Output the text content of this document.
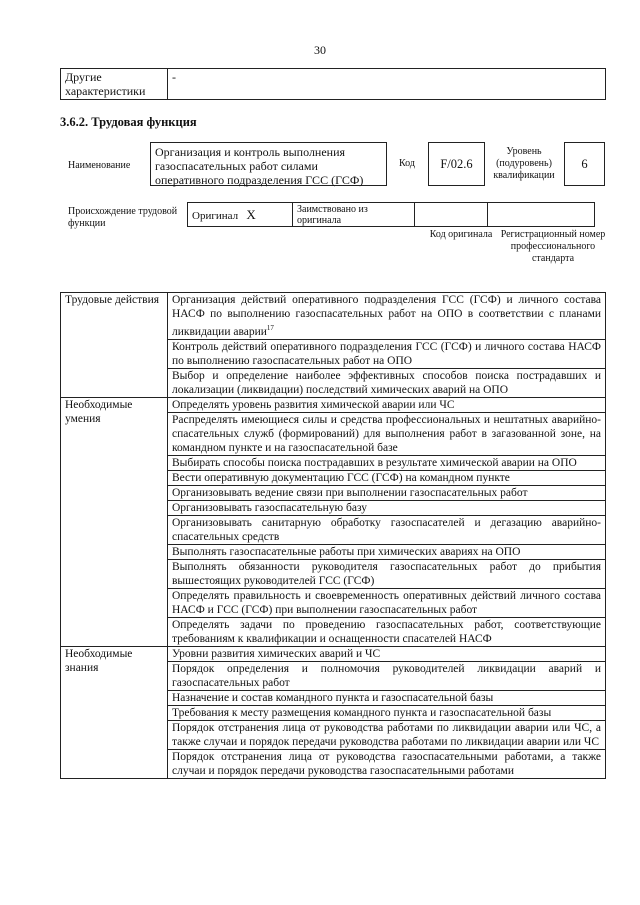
30
Другие характеристики	-
3.6.2. Трудовая функция
Наименование
Организация и контроль выполнения газоспасательных работ силами оперативного подразделения ГСС (ГСФ)
Код	F/02.6
Уровень (подуровень) квалификации
6
Происхождение трудовой функции
Оригинал X	Заимствовано из оригинала		
Код оригинала Регистрационный номер профессионального стандарта
Трудовые действия	Организация действий оперативного подразделения ГСС (ГСФ) и личного состава НАСФ по выполнению газоспасательных работ на ОПО в соответствии с планами ликвидации аварии$^{17}$
	Контроль действий оперативного подразделения ГСС (ГСФ) и личного состава НАСФ по выполнению газоспасательных работ на ОПО
	Выбор и определение наиболее эффективных способов поиска пострадавших и локализации (ликвидации) последствий химических аварий на ОПО
Необходимые умения	Определять уровень развития химической аварии или ЧС
	Распределять имеющиеся силы и средства профессиональных и нештатных аварийно-спасательных служб (формирований) для выполнения работ в загазованной зоне, на командном пункте и на газоспасательной базе
	Выбирать способы поиска пострадавших в результате химической аварии на ОПО
	Вести оперативную документацию ГСС (ГСФ) на командном пункте
	Организовывать ведение связи при выполнении газоспасательных работ
	Организовывать газоспасательную базу
	Организовывать санитарную обработку газоспасателей и дегазацию аварийно-спасательных средств
	Выполнять газоспасательные работы при химических авариях на ОПО
	Выполнять обязанности руководителя газоспасательных работ до прибытия вышестоящих руководителей ГСС (ГСФ)
	Определять правильность и своевременность оперативных действий личного состава НАСФ и ГСС (ГСФ) при выполнении газоспасательных работ
	Определять задачи по проведению газоспасательных работ, соответствующие требованиям к квалификации и оснащенности спасателей НАСФ
Необходимые знания	Уровни развития химических аварий и ЧС
	Порядок определения и полномочия руководителей ликвидации аварий и газоспасательных работ
	Назначение и состав командного пункта и газоспасательной базы
	Требования к месту размещения командного пункта и газоспасательной базы
	Порядок отстранения лица от руководства работами по ликвидации аварии или ЧС, а также случаи и порядок передачи руководства работами по ликвидации аварии или ЧС
	Порядок отстранения лица от руководства газоспасательными работами, а также случаи и порядок передачи руководства газоспасательными работами
